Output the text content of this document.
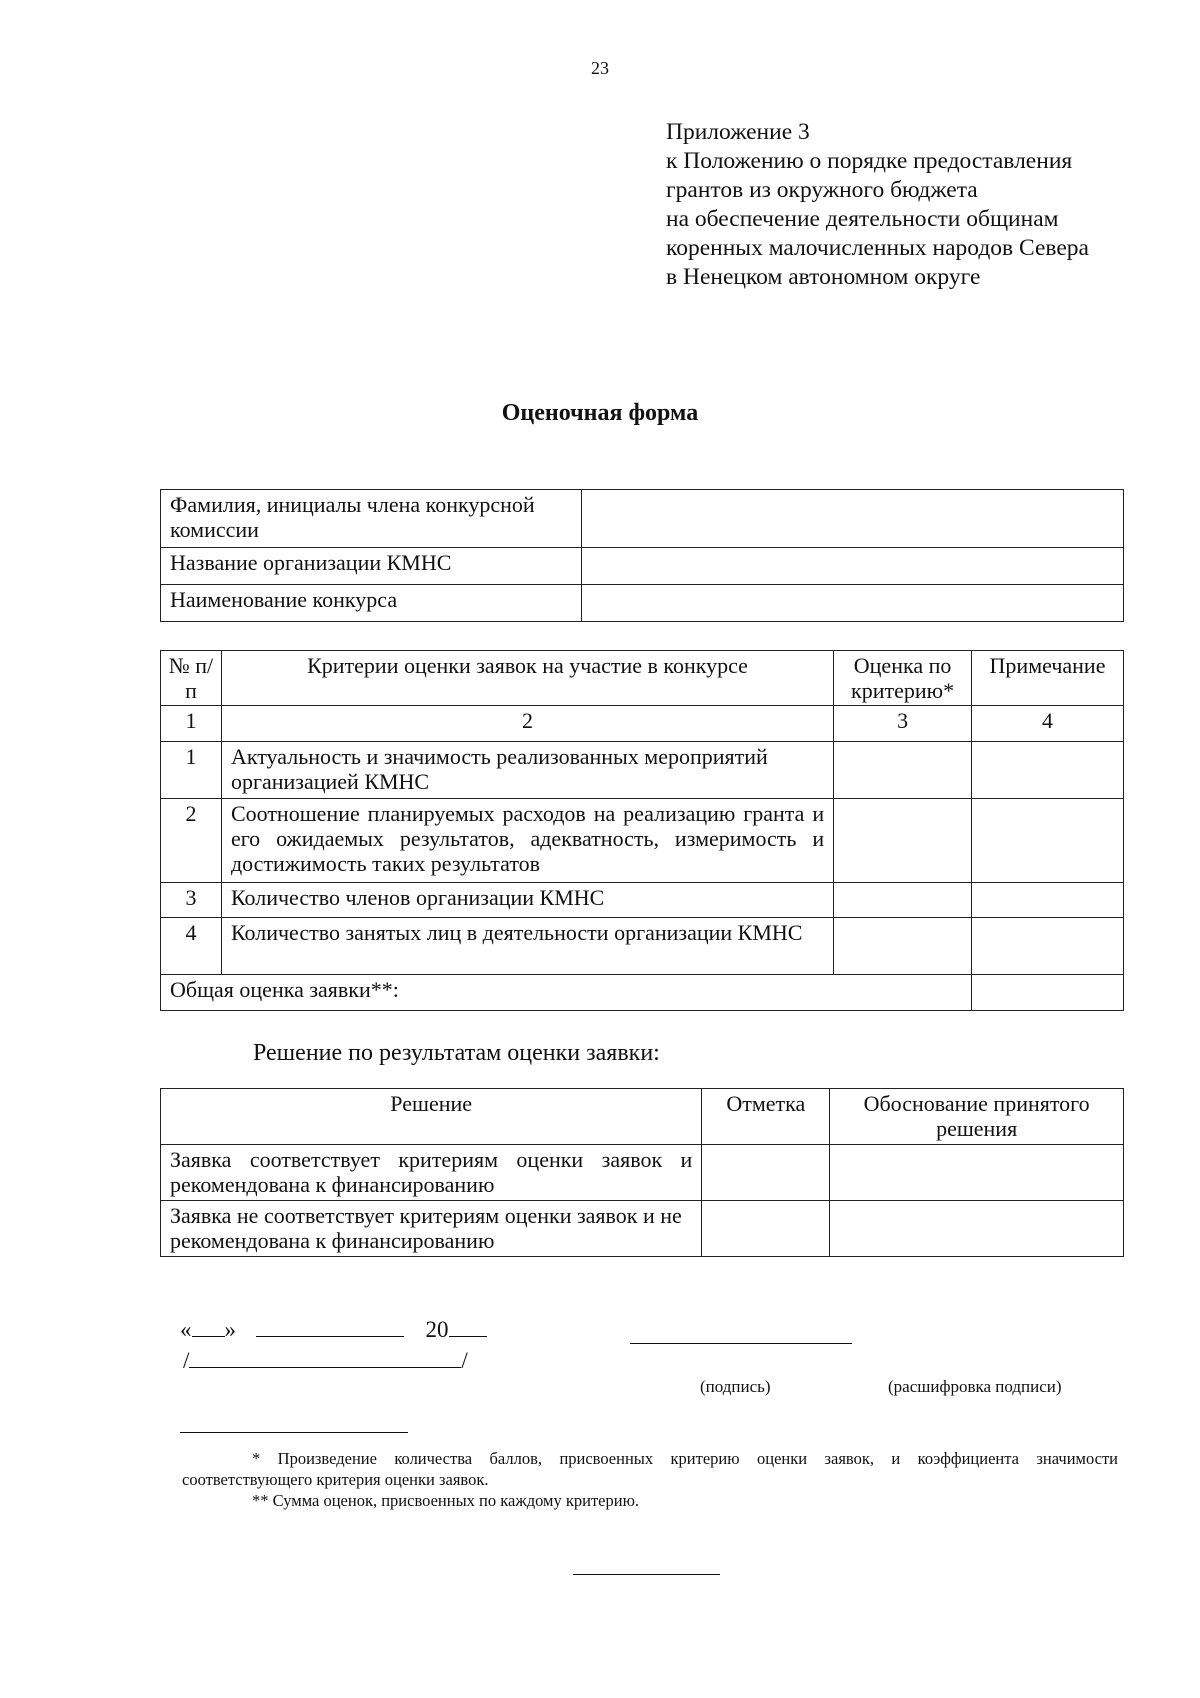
23
Приложение 3
к Положению о порядке предоставления
грантов из окружного бюджета
на обеспечение деятельности общинам
коренных малочисленных народов Севера
в Ненецком автономном округе
Оценочная форма
Фамилия, инициалы члена конкурсной комиссии	
Название организации КМНС	
Наименование конкурса	
№ п/п	Критерии оценки заявок на участие в конкурсе	Оценка по критерию*	Примечание
1	2	3	4
1	Актуальность и значимость реализованных мероприятий организацией КМНС		
2	Соотношение планируемых расходов на реализацию гранта и его ожидаемых результатов, адекватность, измеримость и достижимость таких результатов		
3	Количество членов организации КМНС		
4	Количество занятых лиц в деятельности организации КМНС		
Общая оценка заявки**:			
Решение по результатам оценки заявки:
Решение	Отметка	Обоснование принятого решения
Заявка соответствует критериям оценки заявок и рекомендована к финансированию		
Заявка не соответствует критериям оценки заявок и не рекомендована к финансированию		
« »	20
/	/
(подпись)	(расшифровка подписи)
* Произведение количества баллов, присвоенных критерию оценки заявок, и коэффициента значимости соответствующего критерия оценки заявок.
** Сумма оценок, присвоенных по каждому критерию.
